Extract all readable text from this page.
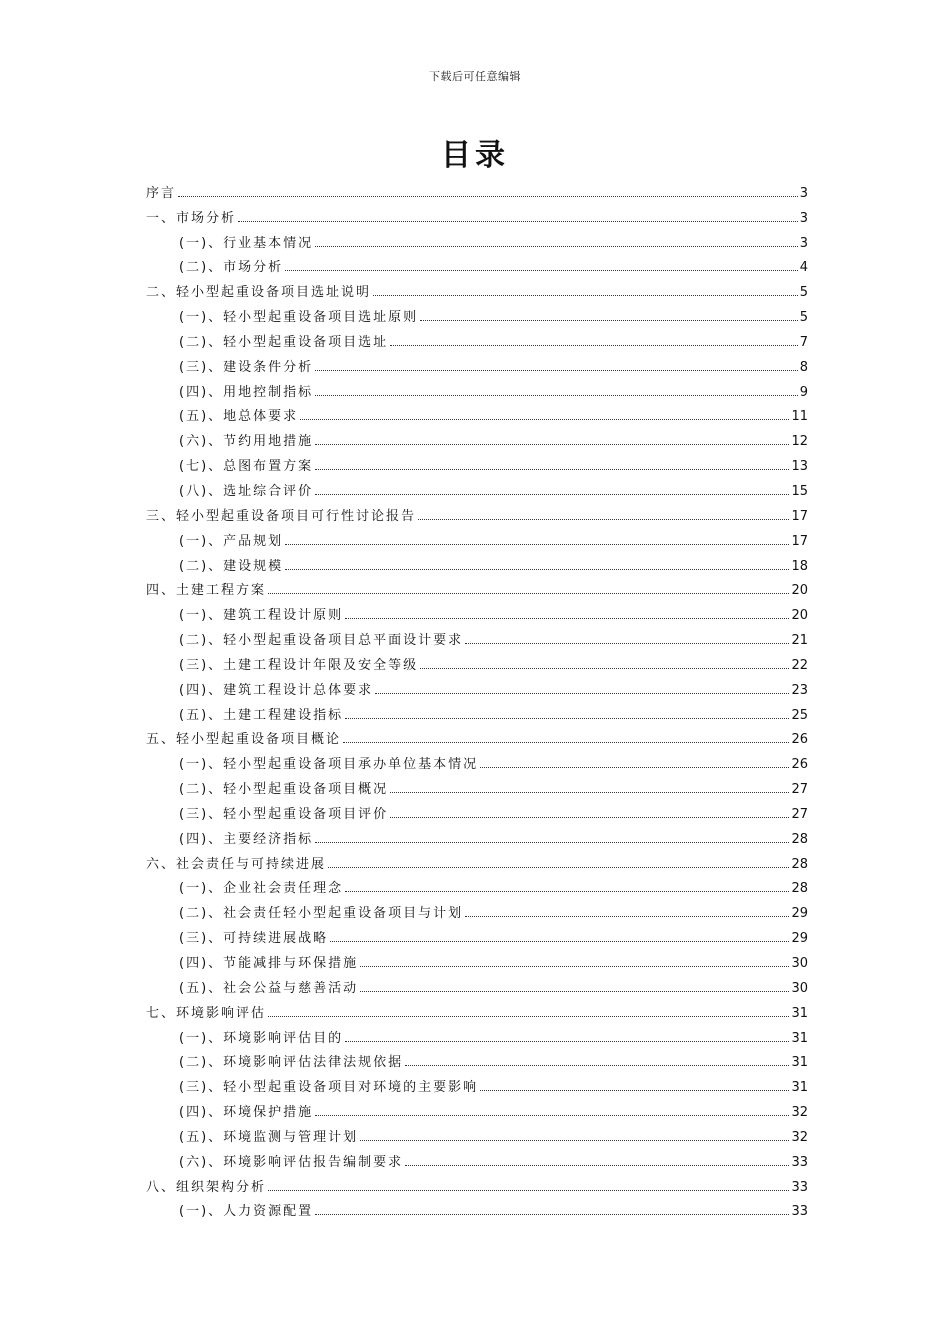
下载后可任意编辑
目录
序言	3
一、市场分析	3
(一)、行业基本情况	3
(二)、市场分析	4
二、轻小型起重设备项目选址说明	5
(一)、轻小型起重设备项目选址原则	5
(二)、轻小型起重设备项目选址	7
(三)、建设条件分析	8
(四)、用地控制指标	9
(五)、地总体要求	11
(六)、节约用地措施	12
(七)、总图布置方案	13
(八)、选址综合评价	15
三、轻小型起重设备项目可行性讨论报告	17
(一)、产品规划	17
(二)、建设规模	18
四、土建工程方案	20
(一)、建筑工程设计原则	20
(二)、轻小型起重设备项目总平面设计要求	21
(三)、土建工程设计年限及安全等级	22
(四)、建筑工程设计总体要求	23
(五)、土建工程建设指标	25
五、轻小型起重设备项目概论	26
(一)、轻小型起重设备项目承办单位基本情况	26
(二)、轻小型起重设备项目概况	27
(三)、轻小型起重设备项目评价	27
(四)、主要经济指标	28
六、社会责任与可持续进展	28
(一)、企业社会责任理念	28
(二)、社会责任轻小型起重设备项目与计划	29
(三)、可持续进展战略	29
(四)、节能减排与环保措施	30
(五)、社会公益与慈善活动	30
七、环境影响评估	31
(一)、环境影响评估目的	31
(二)、环境影响评估法律法规依据	31
(三)、轻小型起重设备项目对环境的主要影响	31
(四)、环境保护措施	32
(五)、环境监测与管理计划	32
(六)、环境影响评估报告编制要求	33
八、组织架构分析	33
(一)、人力资源配置	33
